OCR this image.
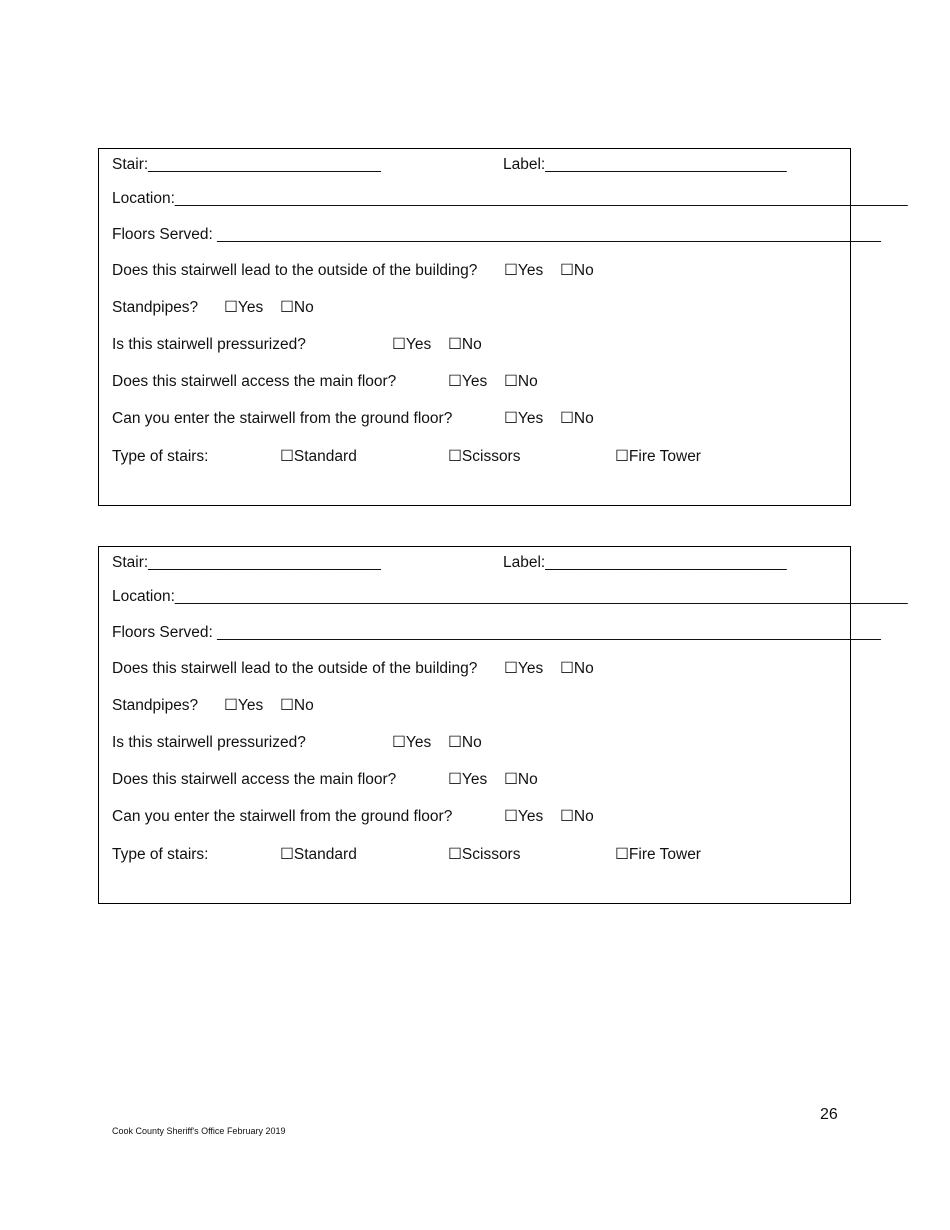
Stair:___________________________	Label:____________________________
Location:_____________________________________________________________________________________
Floors Served: _____________________________________________________________________________
Does this stairwell lead to the outside of the building? ☐Yes ☐No
Standpipes? ☐Yes ☐No
Is this stairwell pressurized?	☐Yes ☐No
Does this stairwell access the main floor?	☐Yes ☐No
Can you enter the stairwell from the ground floor?	☐Yes ☐No
Type of stairs:	☐Standard	☐Scissors	☐Fire Tower
Stair:___________________________	Label:____________________________
Location:_____________________________________________________________________________________
Floors Served: _____________________________________________________________________________
Does this stairwell lead to the outside of the building? ☐Yes ☐No
Standpipes? ☐Yes ☐No
Is this stairwell pressurized?	☐Yes ☐No
Does this stairwell access the main floor?	☐Yes ☐No
Can you enter the stairwell from the ground floor?	☐Yes ☐No
Type of stairs:	☐Standard	☐Scissors	☐Fire Tower
Cook County Sheriff's Office February 2019
26
